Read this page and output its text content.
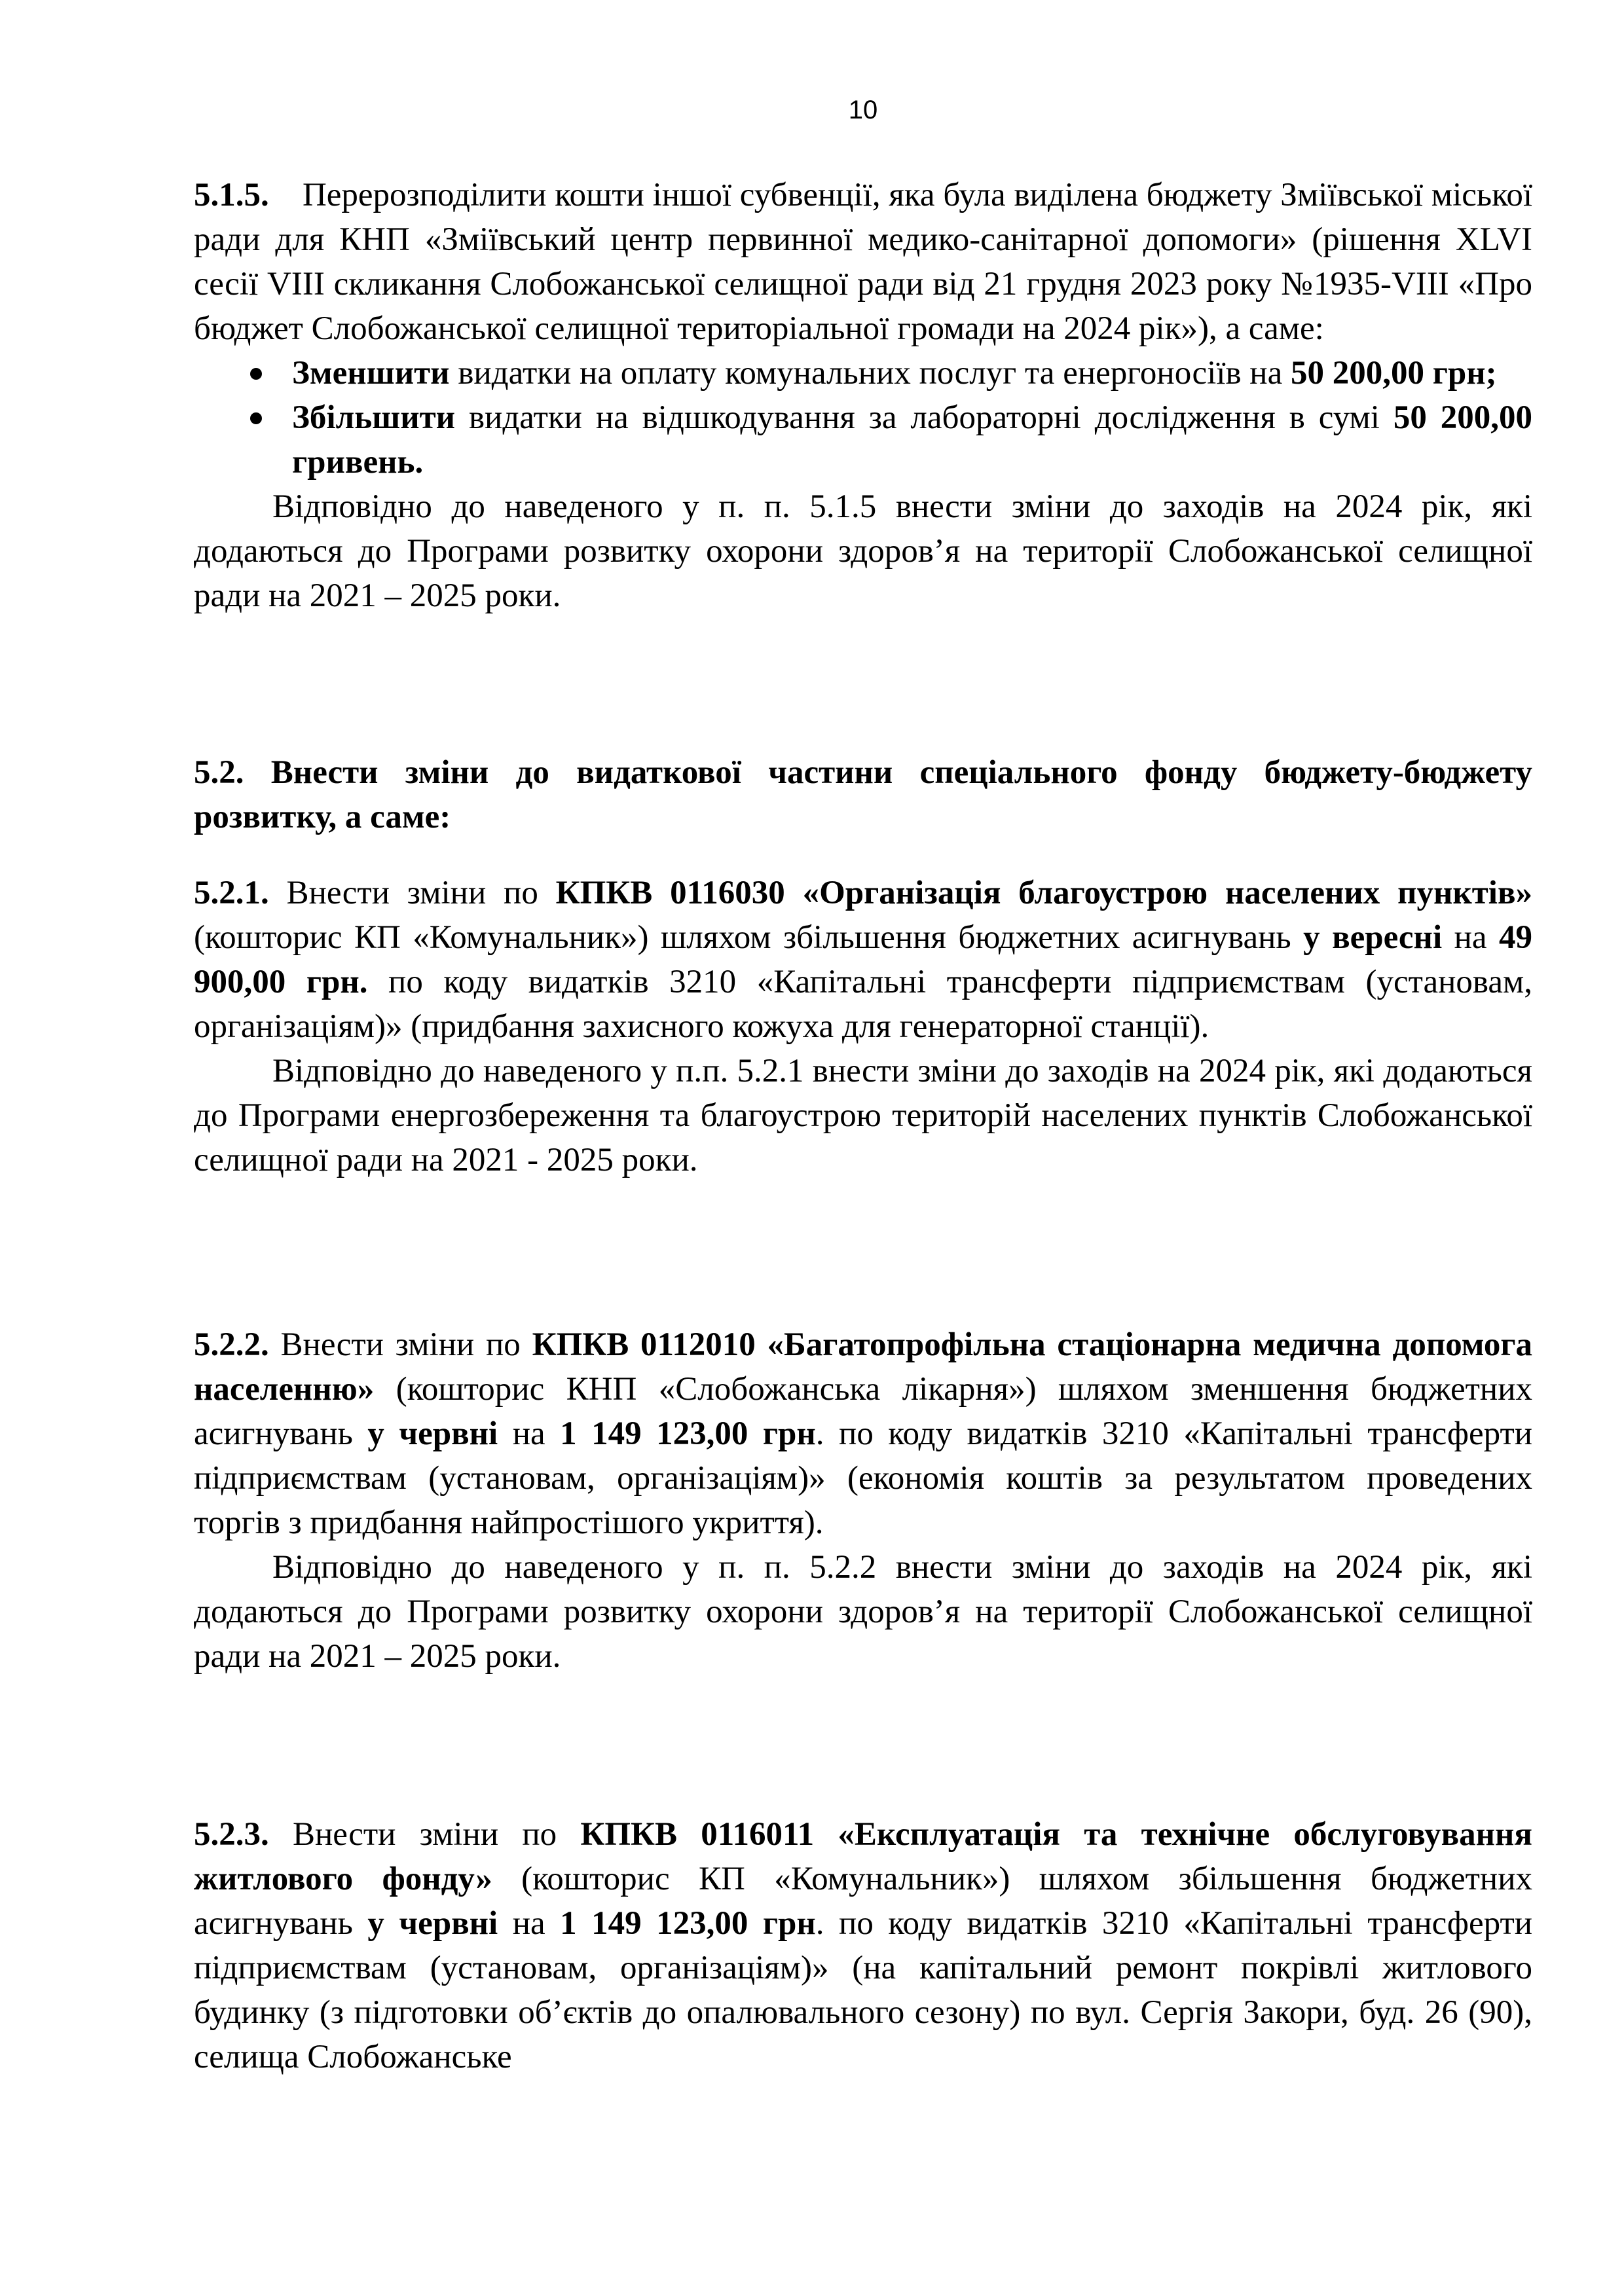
10

5.1.5. Перерозподілити кошти іншої субвенції, яка була виділена бюджету Зміївської міської ради для КНП «Зміївський центр первинної медико-санітарної допомоги» (рішення XLVI сесії VIII скликання Слобожанської селищної ради від 21 грудня 2023 року №1935-VIII «Про бюджет Слобожанської селищної територіальної громади на 2024 рік»), а саме:

Зменшити видатки на оплату комунальних послуг та енергоносіїв на 50 200,00 грн;
Збільшити видатки на відшкодування за лабораторні дослідження в сумі 50 200,00 гривень.

Відповідно до наведеного у п. п. 5.1.5 внести зміни до заходів на 2024 рік, які додаються до Програми розвитку охорони здоров’я на території Слобожанської селищної ради на 2021 – 2025 роки.

5.2. Внести зміни до видаткової частини спеціального фонду бюджету-бюджету розвитку, а саме:

5.2.1. Внести зміни по КПКВ 0116030 «Організація благоустрою населених пунктів» (кошторис КП «Комунальник») шляхом збільшення бюджетних асигнувань у вересні на 49 900,00 грн. по коду видатків 3210 «Капітальні трансферти підприємствам (установам, організаціям)» (придбання захисного кожуха для генераторної станції).

Відповідно до наведеного у п.п. 5.2.1 внести зміни до заходів на 2024 рік, які додаються до Програми енергозбереження та благоустрою територій населених пунктів Слобожанської селищної ради на 2021 - 2025 роки.

5.2.2. Внести зміни по КПКВ 0112010 «Багатопрофільна стаціонарна медична допомога населенню» (кошторис КНП «Слобожанська лікарня») шляхом зменшення бюджетних асигнувань у червні на 1 149 123,00 грн. по коду видатків 3210 «Капітальні трансферти підприємствам (установам, організаціям)» (економія коштів за результатом проведених торгів з придбання найпростішого укриття).

Відповідно до наведеного у п. п. 5.2.2 внести зміни до заходів на 2024 рік, які додаються до Програми розвитку охорони здоров’я на території Слобожанської селищної ради на 2021 – 2025 роки.

5.2.3. Внести зміни по КПКВ 0116011 «Експлуатація та технічне обслуговування житлового фонду» (кошторис КП «Комунальник») шляхом збільшення бюджетних асигнувань у червні на 1 149 123,00 грн. по коду видатків 3210 «Капітальні трансферти підприємствам (установам, організаціям)» (на капітальний ремонт покрівлі житлового будинку (з підготовки об’єктів до опалювального сезону) по вул. Сергія Закори, буд. 26 (90), селища Слобожанське
